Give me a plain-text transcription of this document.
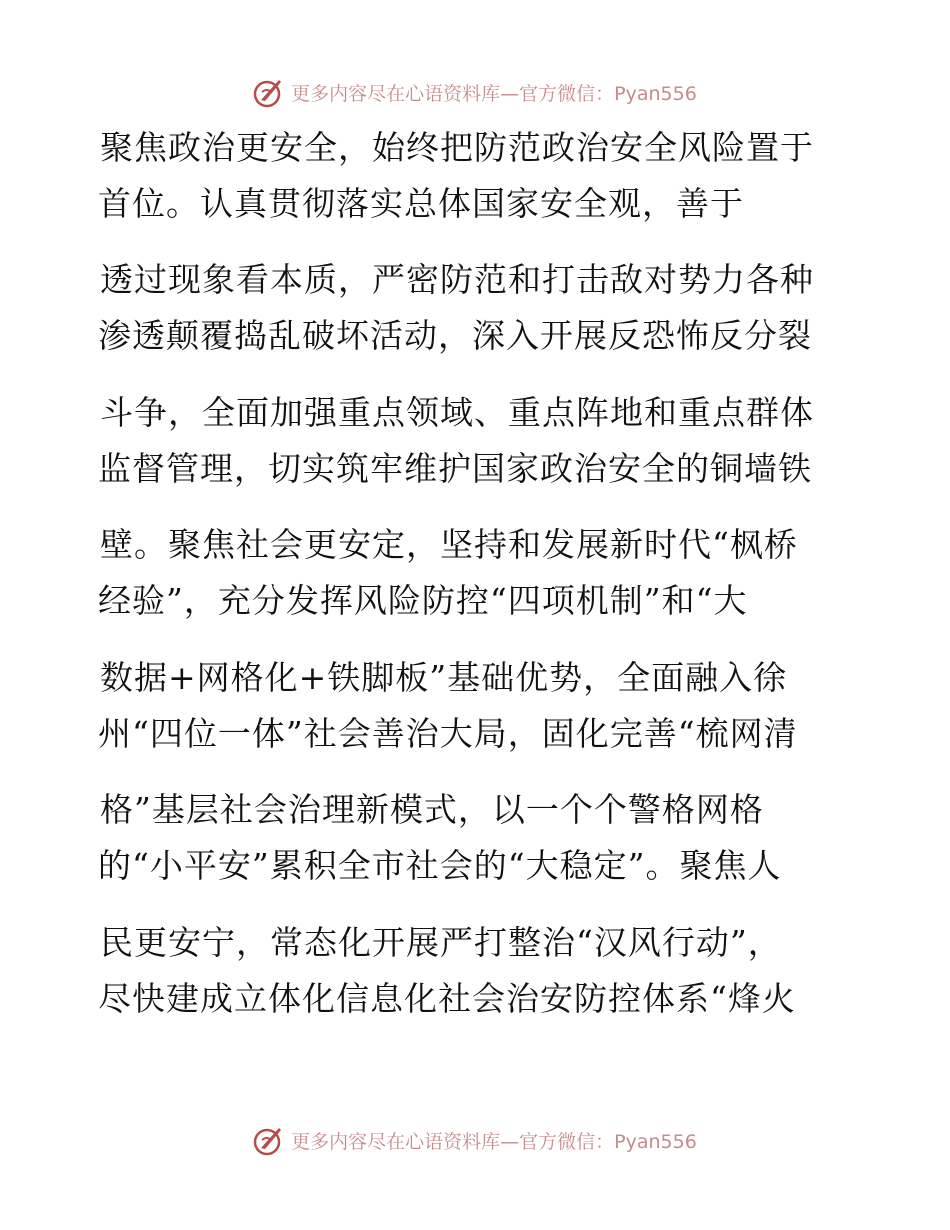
更多内容尽在心语资料库—官方微信：Pyan556
聚焦政治更安全，始终把防范政治安全风险置于
首位。认真贯彻落实总体国家安全观，善于
透过现象看本质，严密防范和打击敌对势力各种
渗透颠覆捣乱破坏活动，深入开展反恐怖反分裂
斗争，全面加强重点领域、重点阵地和重点群体
监督管理，切实筑牢维护国家政治安全的铜墙铁
壁。聚焦社会更安定，坚持和发展新时代“枫桥
经验”，充分发挥风险防控“四项机制”和“大
数据+网格化+铁脚板”基础优势，全面融入徐
州“四位一体”社会善治大局，固化完善“梳网清
格”基层社会治理新模式，以一个个警格网格
的“小平安”累积全市社会的“大稳定”。聚焦人
民更安宁，常态化开展严打整治“汉风行动”，
尽快建成立体化信息化社会治安防控体系“烽火
更多内容尽在心语资料库—官方微信：Pyan556
